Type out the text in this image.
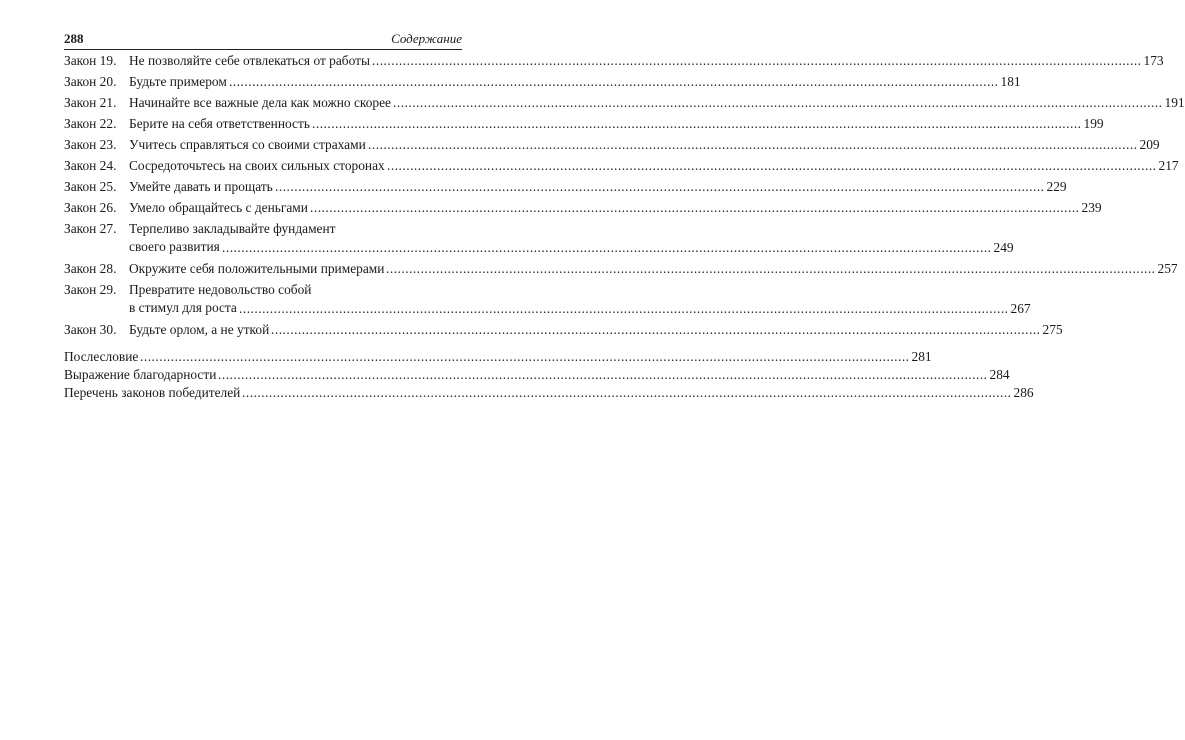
288	Содержание
Закон 19. Не позволяйте себе отвлекаться от работы ........................................................................................................................................................................................................ 173
Закон 20. Будьте примером ........................................................................................................................................................................................................ 181
Закон 21. Начинайте все важные дела как можно скорее ........................................................................................................................................................................................................ 191
Закон 22. Берите на себя ответственность ........................................................................................................................................................................................................ 199
Закон 23. Учитесь справляться со своими страхами ........................................................................................................................................................................................................ 209
Закон 24. Сосредоточьтесь на своих сильных сторонах ........................................................................................................................................................................................................ 217
Закон 25. Умейте давать и прощать ........................................................................................................................................................................................................ 229
Закон 26. Умело обращайтесь с деньгами ........................................................................................................................................................................................................ 239
Закон 27. Терпеливо закладывайте фундамент
своего развития ........................................................................................................................................................................................................ 249
Закон 28. Окружите себя положительными примерами ........................................................................................................................................................................................................ 257
Закон 29. Превратите недовольство собой
в стимул для роста ........................................................................................................................................................................................................ 267
Закон 30. Будьте орлом, а не уткой ........................................................................................................................................................................................................ 275
Послесловие ........................................................................................................................................................................................................ 281
Выражение благодарности ........................................................................................................................................................................................................ 284
Перечень законов победителей ........................................................................................................................................................................................................ 286
